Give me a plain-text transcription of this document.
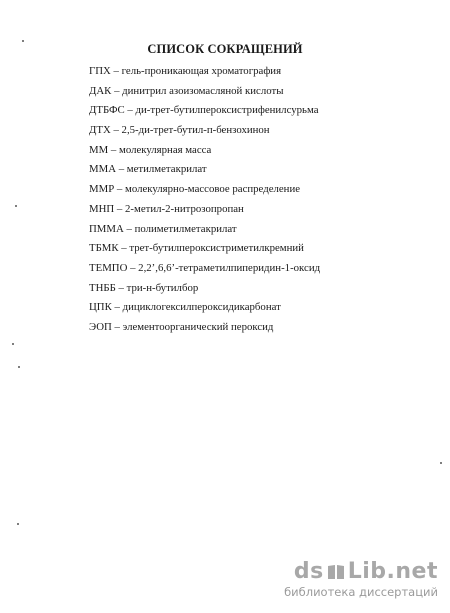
СПИСОК СОКРАЩЕНИЙ
ГПХ – гель-проникающая хроматография
ДАК – динитрил азоизомасляной кислоты
ДТБФС – ди-трет-бутилпероксистрифенилсурьма
ДТХ – 2,5-ди-трет-бутил-п-бензохинон
ММ – молекулярная масса
ММА – метилметакрилат
ММР – молекулярно-массовое распределение
МНП – 2-метил-2-нитрозопропан
ПММА – полиметилметакрилат
ТБМК – трет-бутилпероксистриметилкремний
ТЕМПО – 2,2’,6,6’-тетраметилпиперидин-1-оксид
ТНББ – три-н-бутилбор
ЦПК – дициклогексилпероксидикарбонат
ЭОП – элементоорганический пероксид
ds Lib . net
библиотека диссертаций
